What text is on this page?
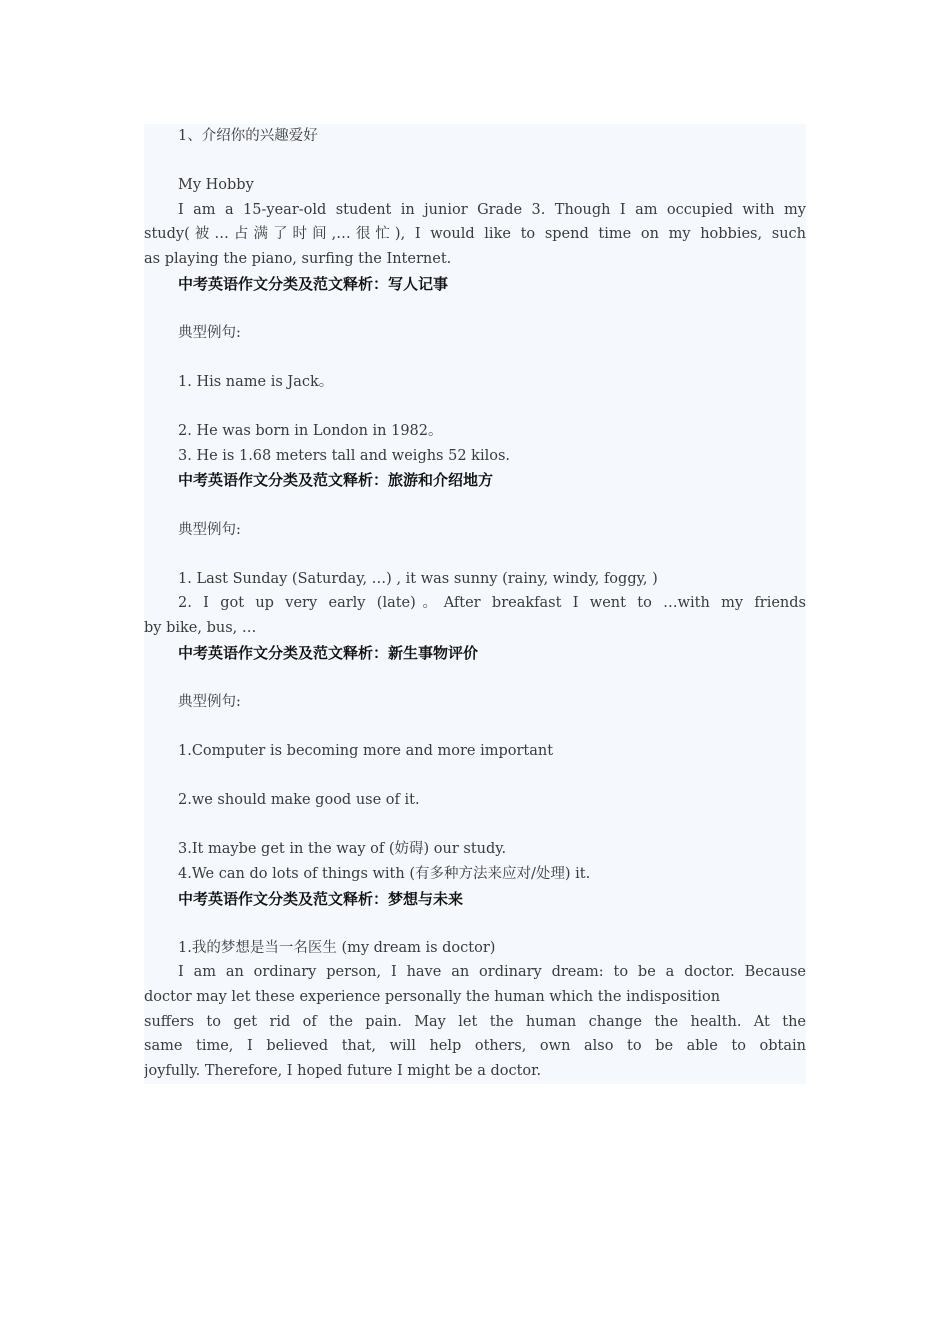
1、介绍你的兴趣爱好
My Hobby
I am a 15-year-old student in junior Grade 3. Though I am occupied with my
study(被…占满了时间,…很忙), I would like to spend time on my hobbies, such
as playing the piano, surfing the Internet.
中考英语作文分类及范文释析：写人记事
典型例句:
1. His name is Jack。
2. He was born in London in 1982。
3. He is 1.68 meters tall and weighs 52 kilos.
中考英语作文分类及范文释析：旅游和介绍地方
典型例句:
1. Last Sunday (Saturday, …) , it was sunny (rainy, windy, foggy, )
2. I got up very early (late)。After breakfast I went to …with my friends
by bike, bus, …
中考英语作文分类及范文释析：新生事物评价
典型例句:
1.Computer is becoming more and more important
2.we should make good use of it.
3.It maybe get in the way of (妨碍) our study.
4.We can do lots of things with (有多种方法来应对/处理) it.
中考英语作文分类及范文释析：梦想与未来
1.我的梦想是当一名医生 (my dream is doctor)
I am an ordinary person, I have an ordinary dream: to be a doctor. Because
doctor may let these experience personally the human which the indisposition
suffers to get rid of the pain. May let the human change the health. At the
same time, I believed that, will help others, own also to be able to obtain
joyfully. Therefore, I hoped future I might be a doctor.
